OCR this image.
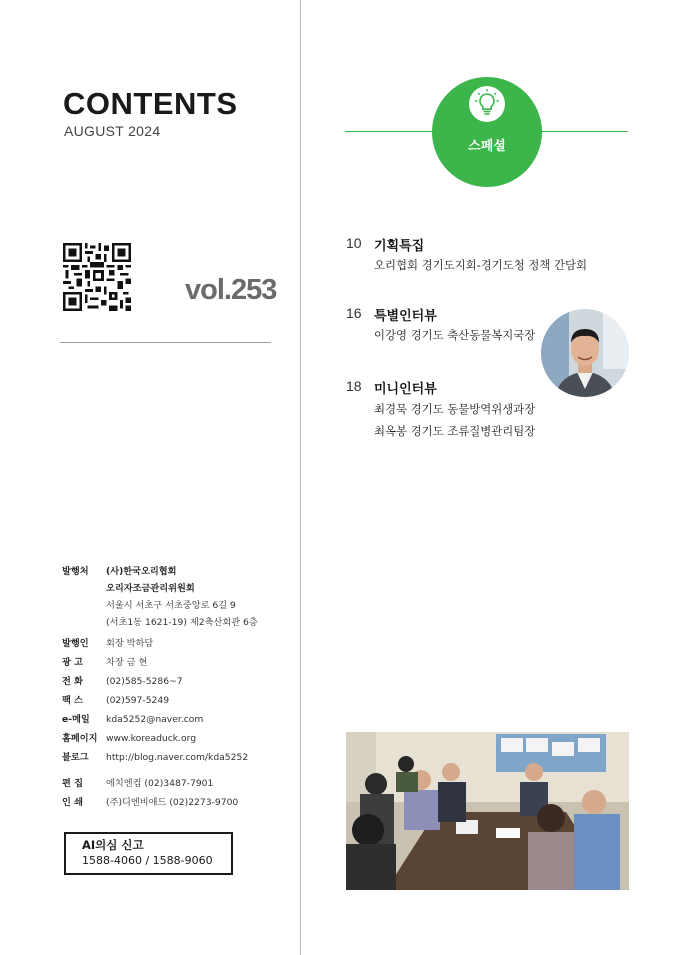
CONTENTS
AUGUST 2024
vol.253
발행처	(사)한국오리협회
오리자조금관리위원회
서울시 서초구 서초중앙로 6길 9
(서초1동 1621-19) 제2축산회관 6층
발행인	회장 박하담
광 고	차장 금 현
전 화	(02)585-5286~7
팩 스	(02)597-5249
e-메일	kda5252@naver.com
홈페이지 www.koreaduck.org
블로그	http://blog.naver.com/kda5252
편 집	에치엔컴 (02)3487-7901
인 쇄	(주)디엔비애드 (02)2273-9700
AI의심 신고
1588-4060 / 1588-9060
스페셜
10 기획특집
오리협회 경기도지회-경기도청 정책 간담회
16 특별인터뷰
이강영 경기도 축산동물복지국장
18 미니인터뷰
최경묵 경기도 동물방역위생과장
최옥봉 경기도 조류질병관리팀장
